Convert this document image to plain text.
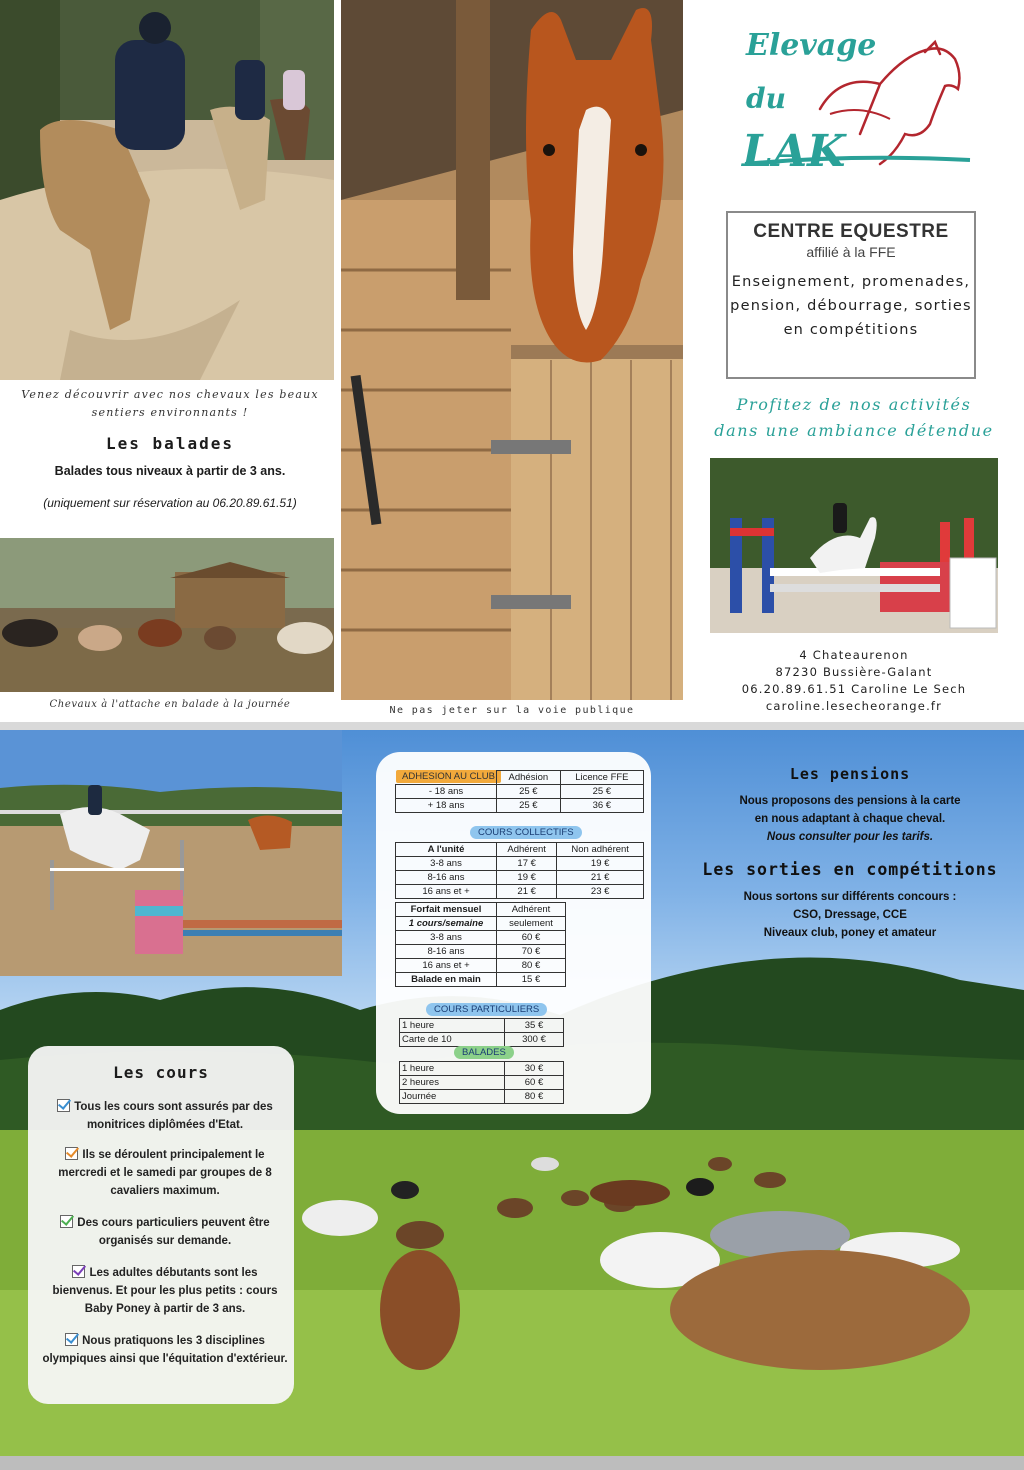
Venez découvrir avec nos chevaux les beaux sentiers environnants !
Les balades
Balades tous niveaux à partir de 3 ans.
(uniquement sur réservation au 06.20.89.61.51)
Chevaux à l'attache en balade à la journée
Ne pas jeter sur la voie publique
Elevage
du
LAK
CENTRE EQUESTRE
affilié à la FFE
Enseignement, promenades, pension, débourrage, sorties en compétitions
Profitez de nos activités
dans une ambiance détendue
4 Chateaurenon
87230 Bussière-Galant
06.20.89.61.51 Caroline Le Sech
caroline.lesecheorange.fr
ADHESION AU CLUB
		Adhésion	Licence FFE
- 18 ans	25 €	25 €
+ 18 ans	25 €	36 €
COURS COLLECTIFS
A l'unité	Adhérent	Non adhérent
3-8 ans	17 €	19 €
8-16 ans	19 €	21 €
16 ans et +	21 €	23 €
Forfait mensuel	Adhérent
1 cours/semaine	seulement
3-8 ans	60 €
8-16 ans	70 €
16 ans et +	80 €
Balade en main	15 €
COURS PARTICULIERS
1 heure	35 €
Carte de 10	300 €
BALADES
1 heure	30 €
2 heures	60 €
Journée	80 €
Les pensions

Nous proposons des pensions à la carte

en nous adaptant à chaque cheval.

Nous consulter pour les tarifs.

Les sorties en compétitions

Nous sortons sur différents concours :

CSO, Dressage, CCE

Niveaux club, poney et amateur

Les cours
Tous les cours sont assurés par des monitrices diplômées d'Etat.
Ils se déroulent principalement le mercredi et le samedi par groupes de 8 cavaliers maximum.
Des cours particuliers peuvent être organisés sur demande.
Les adultes débutants sont les bienvenus. Et pour les plus petits : cours Baby Poney à partir de 3 ans.
Nous pratiquons les 3 disciplines olympiques ainsi que l'équitation d'extérieur.
